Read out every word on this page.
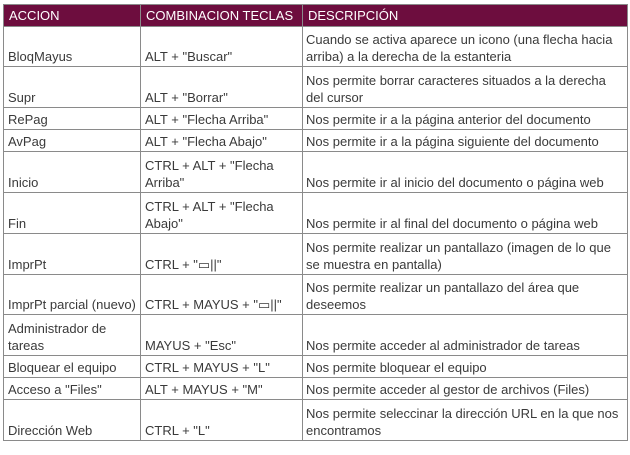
ACCION	COMBINACION TECLAS	DESCRIPCIÓN

BloqMayus	ALT + "Buscar"	Cuando se activa aparece un icono (una flecha hacia arriba) a la derecha de la estanteria

Supr	ALT + "Borrar"	Nos permite borrar caracteres situados a la derecha del cursor

RePag	ALT + "Flecha Arriba"	Nos permite ir a la página anterior del documento

AvPag	ALT + "Flecha Abajo"	Nos permite ir a la página siguiente del documento

Inicio	CTRL + ALT + "Flecha Arriba"	Nos permite ir al inicio del documento o página web

Fin	CTRL + ALT + "Flecha Abajo"	Nos permite ir al final del documento o página web

ImprPt	CTRL + "▭||"	Nos permite realizar un pantallazo (imagen de lo que se muestra en pantalla)

ImprPt parcial (nuevo)	CTRL + MAYUS + "▭||"	Nos permite realizar un pantallazo del área que deseemos

Administrador de tareas	MAYUS + "Esc"	Nos permite acceder al administrador de tareas

Bloquear el equipo	CTRL + MAYUS + "L"	Nos permite bloquear el equipo

Acceso a "Files"	ALT + MAYUS + "M"	Nos permite acceder al gestor de archivos (Files)

Dirección Web	CTRL + "L"	Nos permite seleccinar la dirección URL en la que nos encontramos
